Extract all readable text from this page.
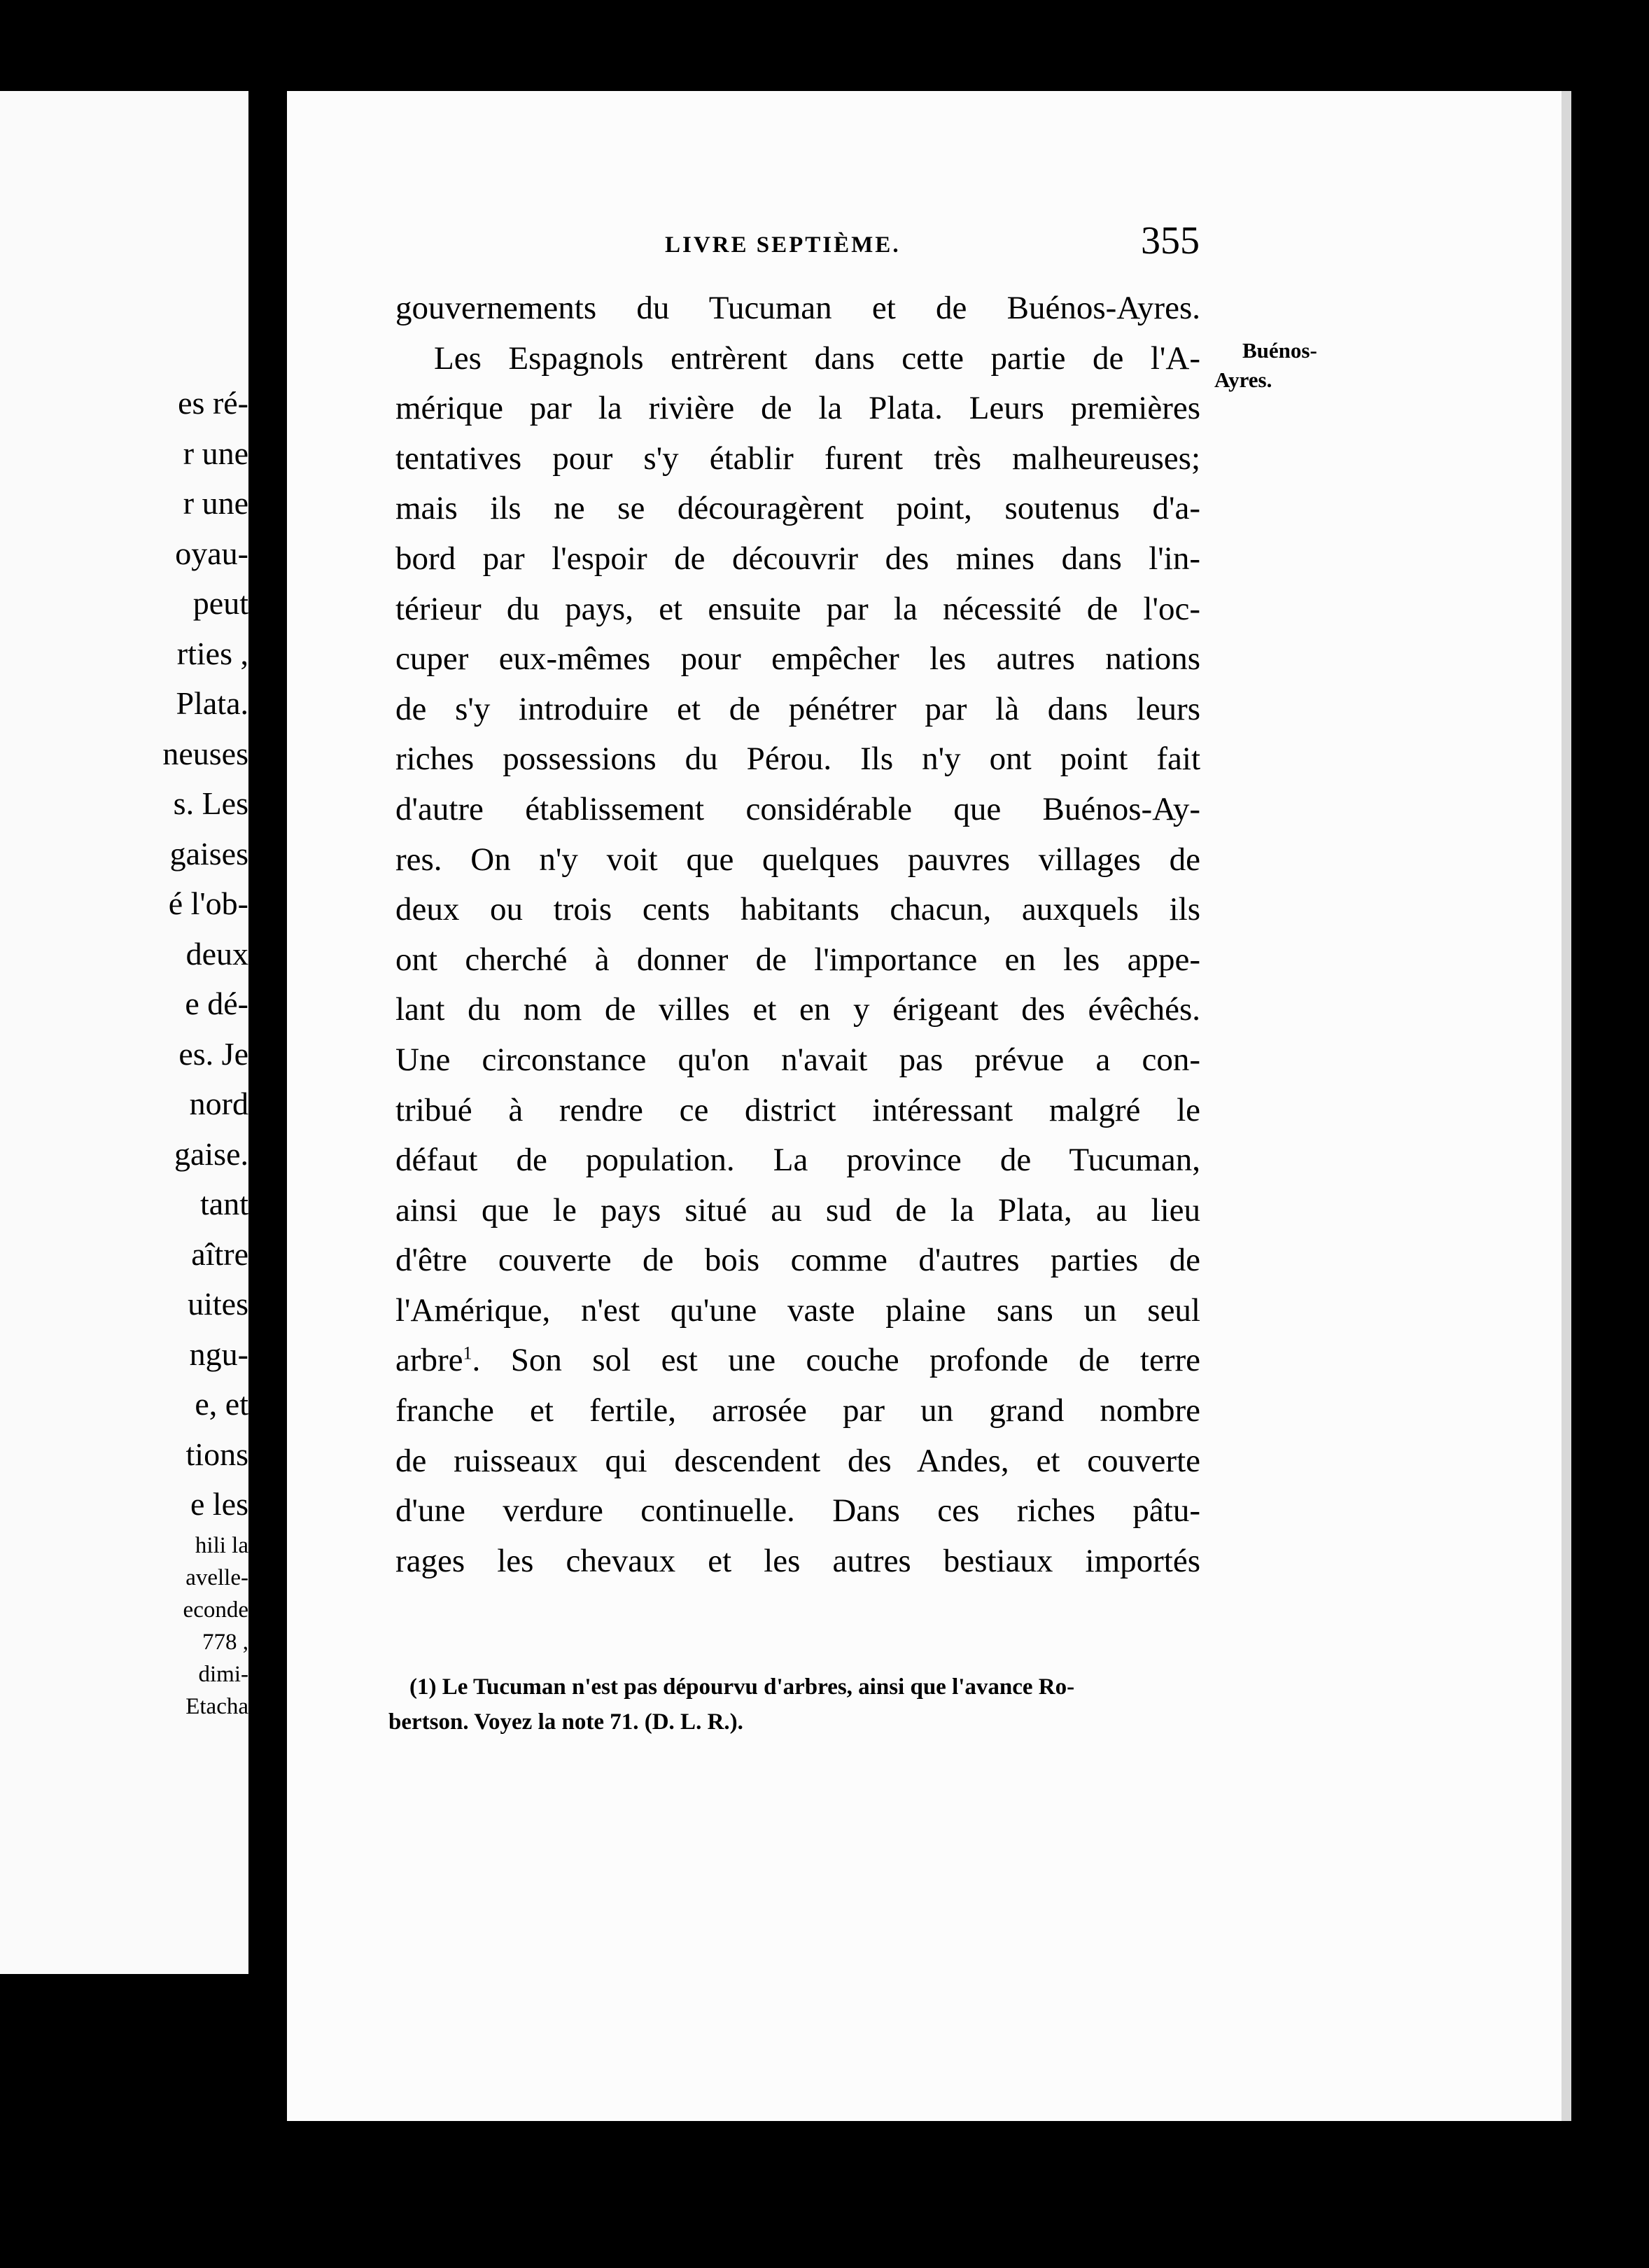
es ré-
r une
r une
oyau-
peut
rties ,
Plata.
neuses
s. Les
gaises
é l'ob-
deux
e dé-
es. Je
nord
gaise.
tant
aître
uites
ngu-
e, et
tions
e les
hili la
avelle-
econde
778 ,
dimi-
Etacha
LIVRE SEPTIÈME.	355
gouvernements du Tucuman et de Buénos-Ayres.
Les Espagnols entrèrent dans cette partie de l'A-
mérique par la rivière de la Plata. Leurs premières
tentatives pour s'y établir furent très malheureuses;
mais ils ne se découragèrent point, soutenus d'a-
bord par l'espoir de découvrir des mines dans l'in-
térieur du pays, et ensuite par la nécessité de l'oc-
cuper eux-mêmes pour empêcher les autres nations
de s'y introduire et de pénétrer par là dans leurs
riches possessions du Pérou. Ils n'y ont point fait
d'autre établissement considérable que Buénos-Ay-
res. On n'y voit que quelques pauvres villages de
deux ou trois cents habitants chacun, auxquels ils
ont cherché à donner de l'importance en les appe-
lant du nom de villes et en y érigeant des évêchés.
Une circonstance qu'on n'avait pas prévue a con-
tribué à rendre ce district intéressant malgré le
défaut de population. La province de Tucuman,
ainsi que le pays situé au sud de la Plata, au lieu
d'être couverte de bois comme d'autres parties de
l'Amérique, n'est qu'une vaste plaine sans un seul
arbre$^1$. Son sol est une couche profonde de terre
franche et fertile, arrosée par un grand nombre
de ruisseaux qui descendent des Andes, et couverte
d'une verdure continuelle. Dans ces riches pâtu-
rages les chevaux et les autres bestiaux importés
Buénos-
Ayres.
(1) Le Tucuman n'est pas dépourvu d'arbres, ainsi que l'avance Ro-
bertson. Voyez la note 71. (D. L. R.).
